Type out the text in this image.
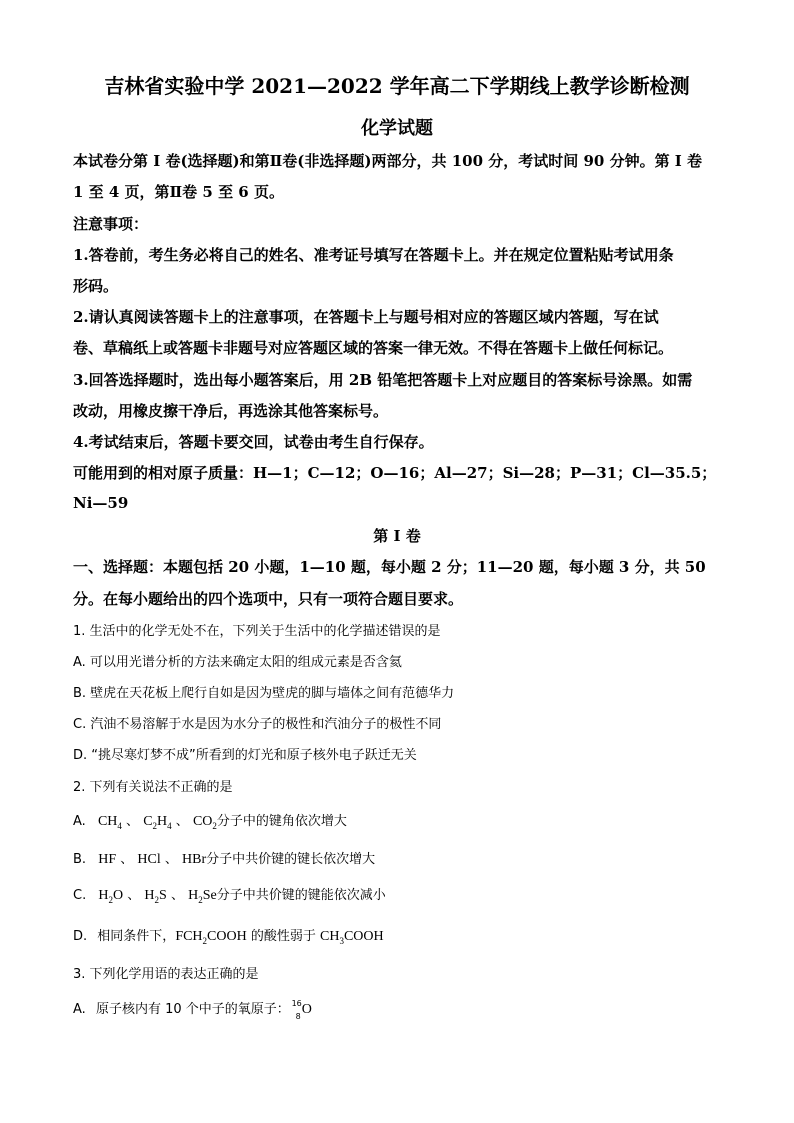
吉林省实验中学 2021—2022 学年高二下学期线上教学诊断检测
化学试题
本试卷分第 I 卷(选择题)和第Ⅱ卷(非选择题)两部分，共 100 分，考试时间 90 分钟。第 I 卷
1 至 4 页，第Ⅱ卷 5 至 6 页。
注意事项：
1.答卷前，考生务必将自己的姓名、准考证号填写在答题卡上。并在规定位置粘贴考试用条
形码。
2.请认真阅读答题卡上的注意事项，在答题卡上与题号相对应的答题区域内答题，写在试
卷、草稿纸上或答题卡非题号对应答题区域的答案一律无效。不得在答题卡上做任何标记。
3.回答选择题时，选出每小题答案后，用 2B 铅笔把答题卡上对应题目的答案标号涂黑。如需
改动，用橡皮擦干净后，再选涂其他答案标号。
4.考试结束后，答题卡要交回，试卷由考生自行保存。
可能用到的相对原子质量：H—1；C—12；O—16；Al—27；Si—28；P—31；Cl—35.5；
Ni—59
第 I 卷
一、选择题：本题包括 20 小题，1—10 题，每小题 2 分；11—20 题，每小题 3 分，共 50
分。在每小题给出的四个选项中，只有一项符合题目要求。
1. 生活中的化学无处不在，下列关于生活中的化学描述错误的是
A. 可以用光谱分析的方法来确定太阳的组成元素是否含氦
B. 壁虎在天花板上爬行自如是因为壁虎的脚与墙体之间有范德华力
C. 汽油不易溶解于水是因为水分子的极性和汽油分子的极性不同
D. “挑尽寒灯梦不成”所看到的灯光和原子核外电子跃迁无关
2. 下列有关说法不正确的是
A. $CH_4$ 、 $C_2H_4$ 、 $CO_2$分子中的键角依次增大
B. HF 、 HCl 、 HBr分子中共价键的键长依次增大
C. $H_2O$ 、 $H_2S$ 、 $H_2Se$分子中共价键的键能依次减小
D. 相同条件下，$FCH_2COOH$ 的酸性弱于 $CH_3COOH$
3. 下列化学用语的表达正确的是
A. 原子核内有 10 个中子的氧原子： 16
8 O
